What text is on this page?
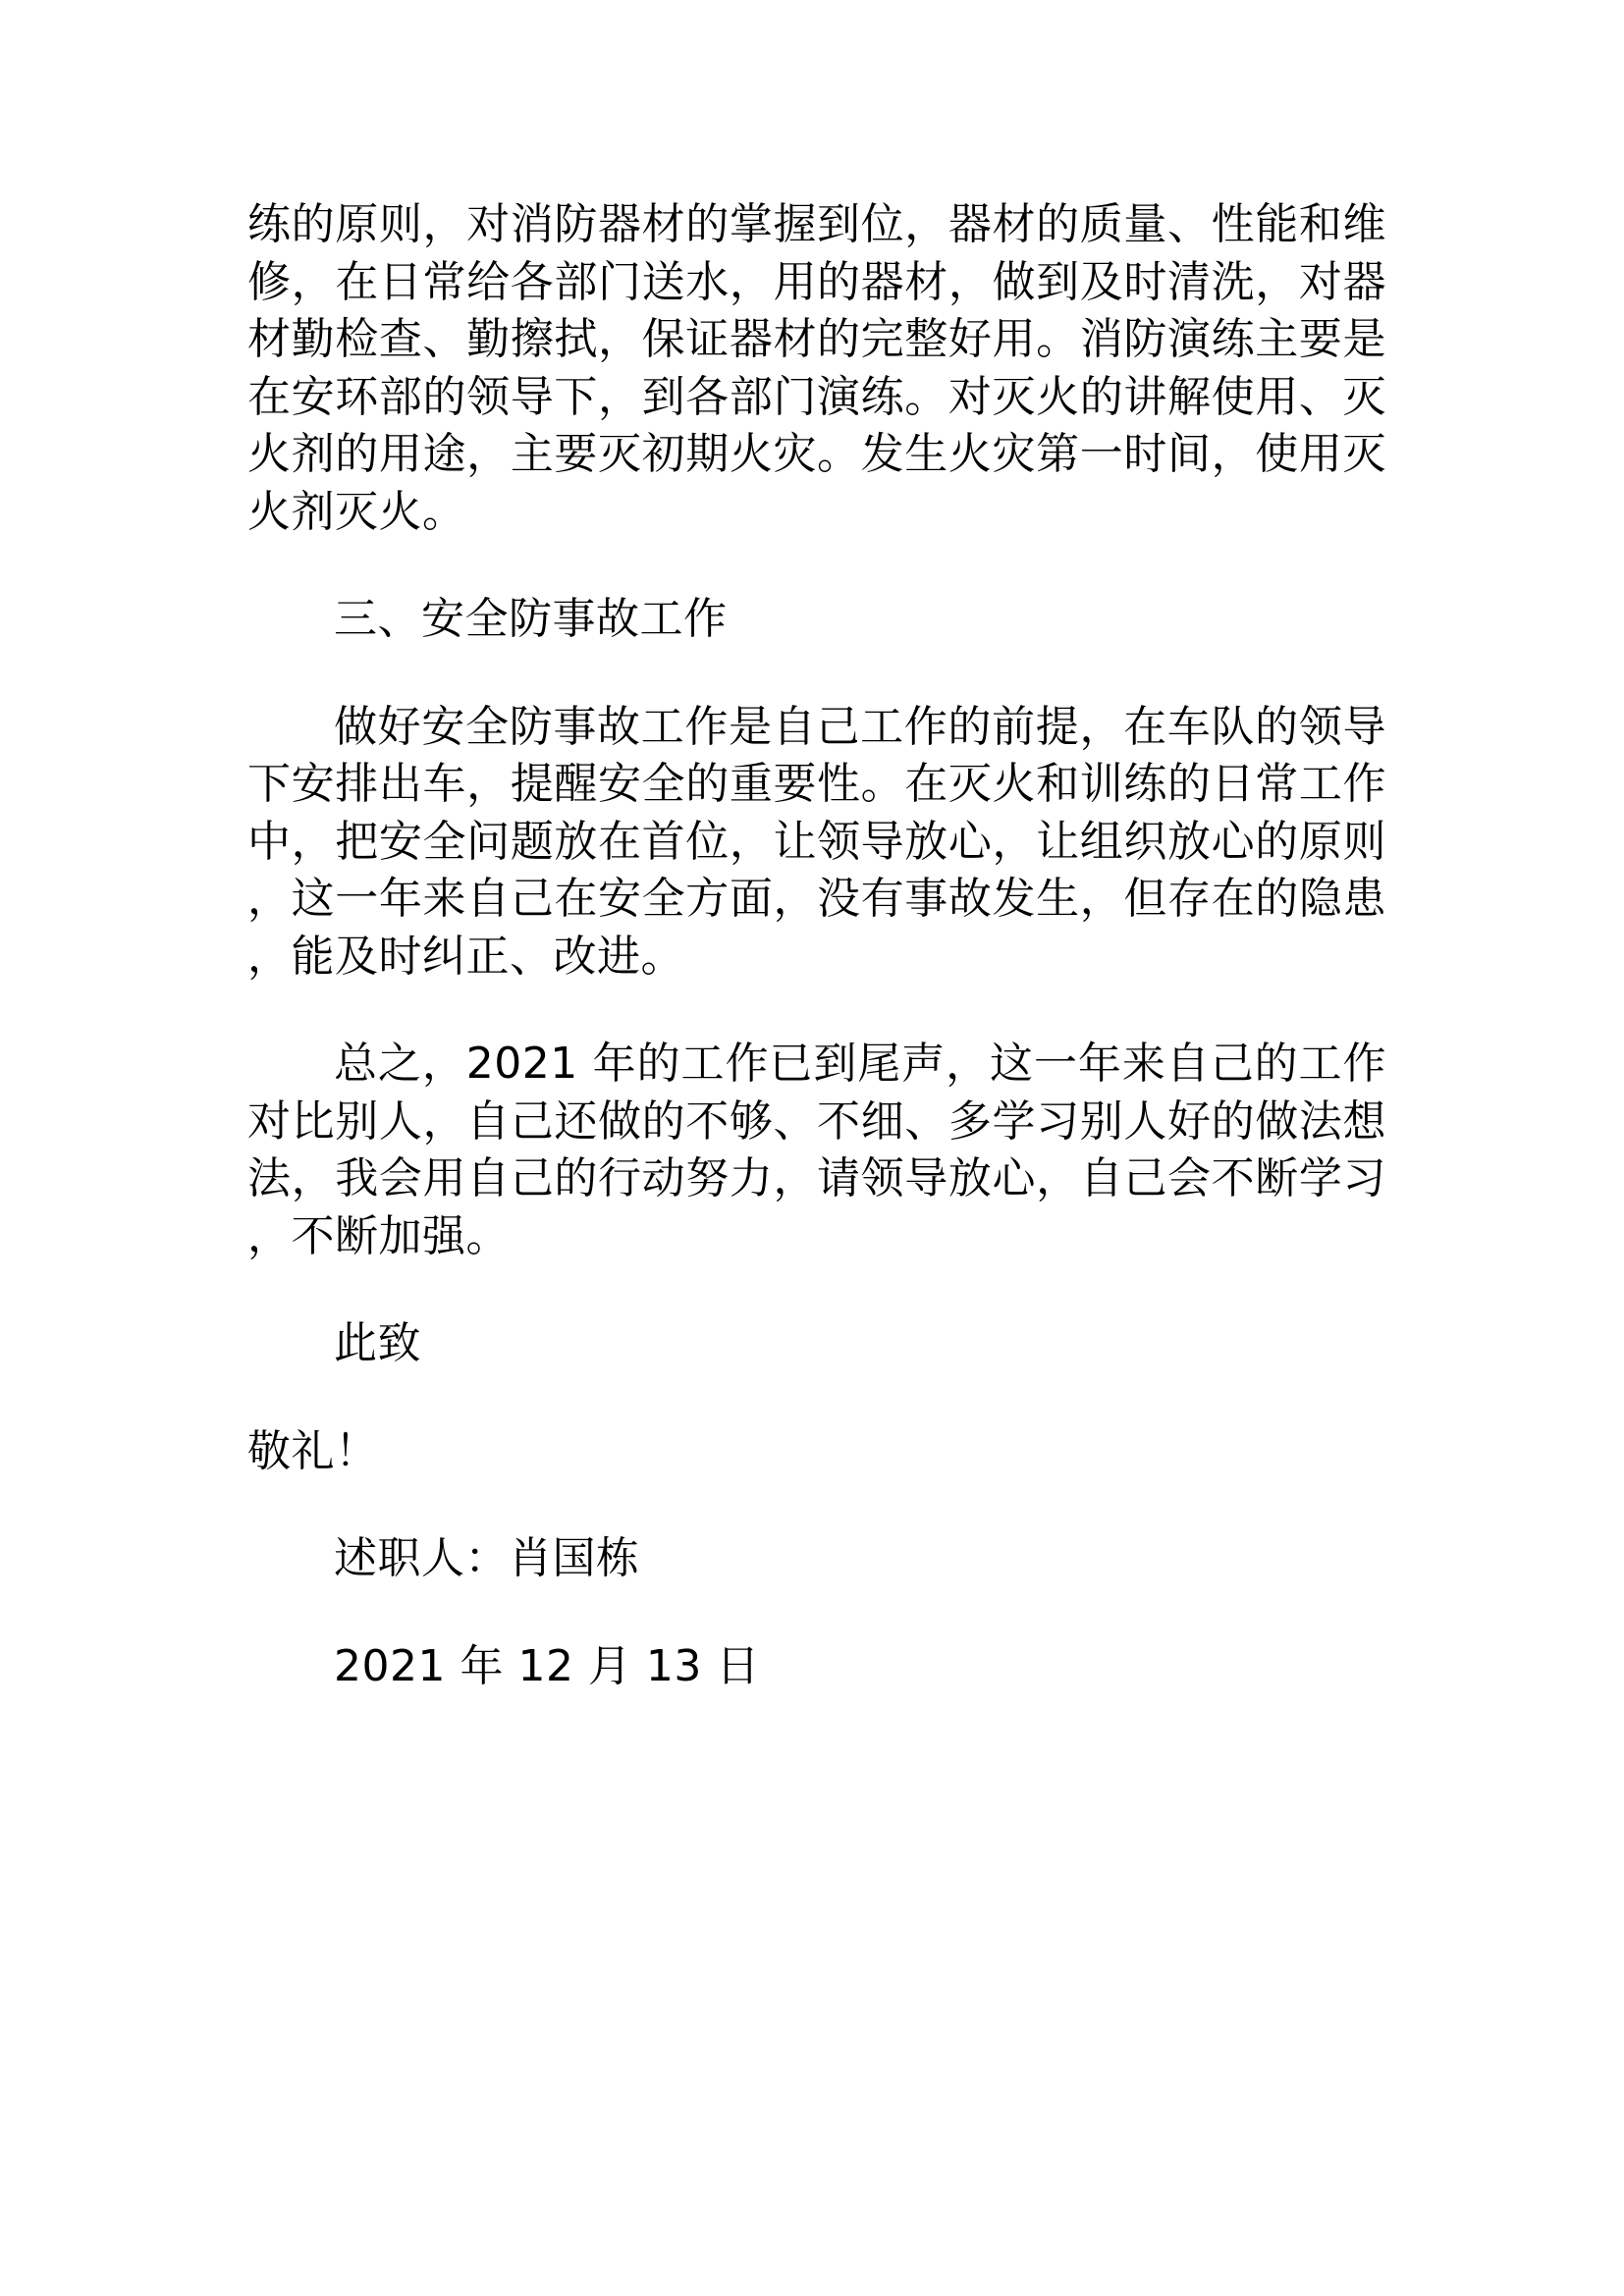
练的原则，对消防器材的掌握到位，器材的质量、性能和维修，在日常给各部门送水，用的器材，做到及时清洗，对器材勤检查、勤擦拭，保证器材的完整好用。消防演练主要是在安环部的领导下，到各部门演练。对灭火的讲解使用、灭火剂的用途，主要灭初期火灾。发生火灾第一时间，使用灭火剂灭火。

三、安全防事故工作

做好安全防事故工作是自己工作的前提，在车队的领导下安排出车，提醒安全的重要性。在灭火和训练的日常工作中，把安全问题放在首位，让领导放心，让组织放心的原则，这一年来自己在安全方面，没有事故发生，但存在的隐患，能及时纠正、改进。

总之，2021 年的工作已到尾声，这一年来自己的工作对比别人，自己还做的不够、不细、多学习别人好的做法想法，我会用自己的行动努力，请领导放心，自己会不断学习，不断加强。

此致

敬礼！

述职人：肖国栋

2021 年 12 月 13 日
